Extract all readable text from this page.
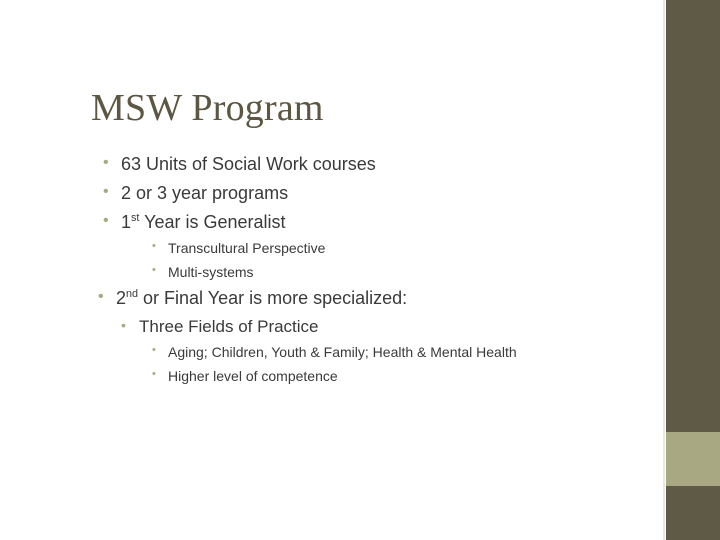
MSW Program
• 63 Units of Social Work courses
• 2 or 3 year programs
• 1st Year is Generalist
• Transcultural Perspective
• Multi-systems
• 2nd or Final Year is more specialized:
• Three Fields of Practice
• Aging; Children, Youth & Family; Health & Mental Health
• Higher level of competence
